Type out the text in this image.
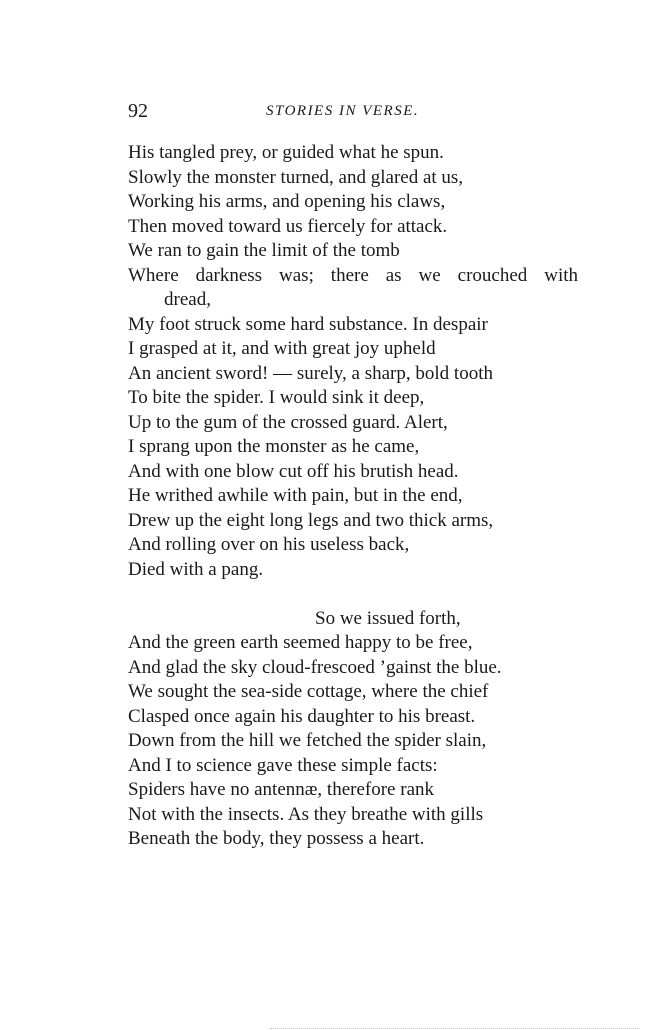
92	STORIES IN VERSE.
His tangled prey, or guided what he spun.
Slowly the monster turned, and glared at us,
Working his arms, and opening his claws,
Then moved toward us fiercely for attack.
We ran to gain the limit of the tomb
Where darkness was; there as we crouched with
dread,
My foot struck some hard substance. In despair
I grasped at it, and with great joy upheld
An ancient sword! — surely, a sharp, bold tooth
To bite the spider. I would sink it deep,
Up to the gum of the crossed guard. Alert,
I sprang upon the monster as he came,
And with one blow cut off his brutish head.
He writhed awhile with pain, but in the end,
Drew up the eight long legs and two thick arms,
And rolling over on his useless back,
Died with a pang.
So we issued forth,
And the green earth seemed happy to be free,
And glad the sky cloud-frescoed ’gainst the blue.
We sought the sea-side cottage, where the chief
Clasped once again his daughter to his breast.
Down from the hill we fetched the spider slain,
And I to science gave these simple facts:
Spiders have no antennæ, therefore rank
Not with the insects. As they breathe with gills
Beneath the body, they possess a heart.
